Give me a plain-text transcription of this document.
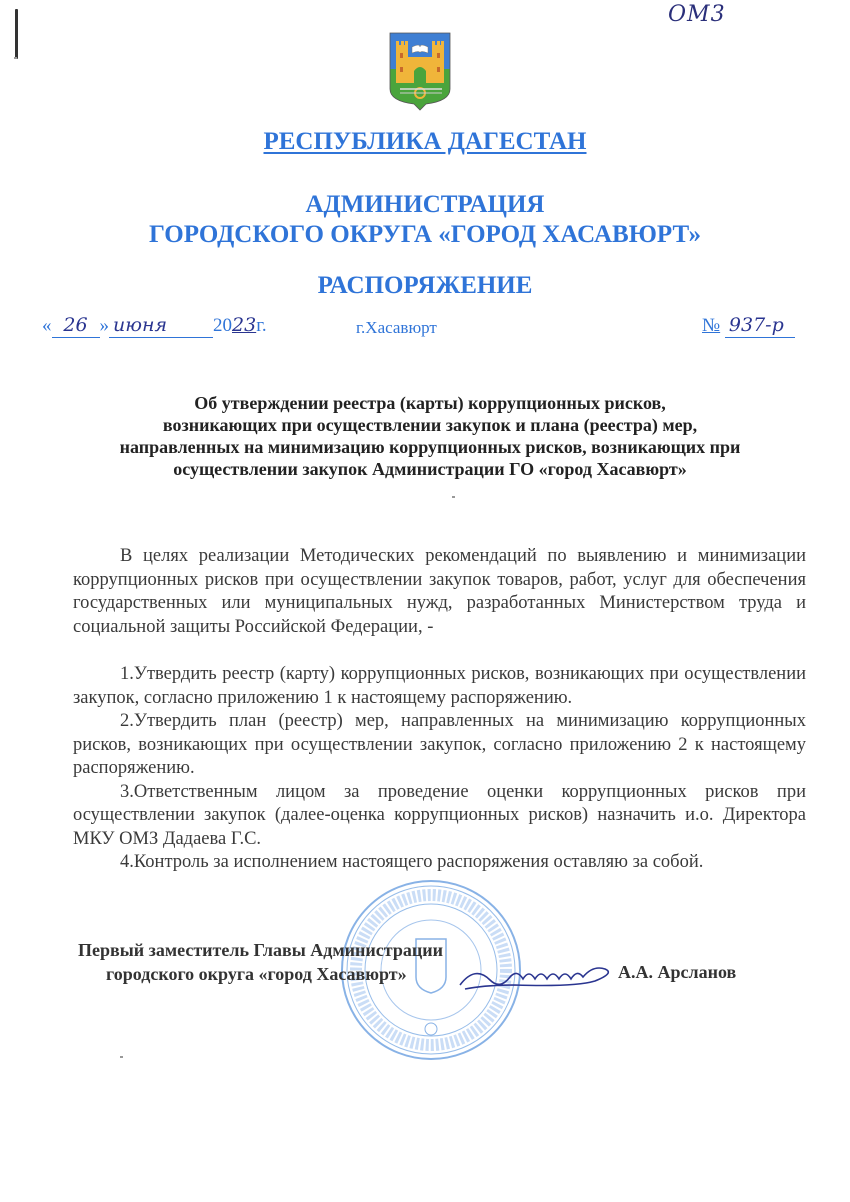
ОМ3
РЕСПУБЛИКА ДАГЕСТАН
АДМИНИСТРАЦИЯ
ГОРОДСКОГО ОКРУГА «ГОРОД ХАСАВЮРТ»
РАСПОРЯЖЕНИЕ
« 26 » июня 2023г.	г.Хасавюрт	№ 937-р
Об утверждении реестра (карты) коррупционных рисков,
возникающих при осуществлении закупок и плана (реестра) мер,
направленных на минимизацию коррупционных рисков, возникающих при
осуществлении закупок Администрации ГО «город Хасавюрт»

В целях реализации Методических рекомендаций по выявлению и минимизации коррупционных рисков при осуществлении закупок товаров, работ, услуг для обеспечения государственных или муниципальных нужд, разработанных Министерством труда и социальной защиты Российской Федерации, -

1.Утвердить реестр (карту) коррупционных рисков, возникающих при осуществлении закупок, согласно приложению 1 к настоящему распоряжению.

2.Утвердить план (реестр) мер, направленных на минимизацию коррупционных рисков, возникающих при осуществлении закупок, согласно приложению 2 к настоящему распоряжению.

3.Ответственным лицом за проведение оценки коррупционных рисков при осуществлении закупок (далее-оценка коррупционных рисков) назначить и.о. Директора МКУ ОМЗ Дадаева Г.С.

4.Контроль за исполнением настоящего распоряжения оставляю за собой.

Первый заместитель Главы Администрации
городского округа «город Хасавюрт»	А.А. Арсланов
